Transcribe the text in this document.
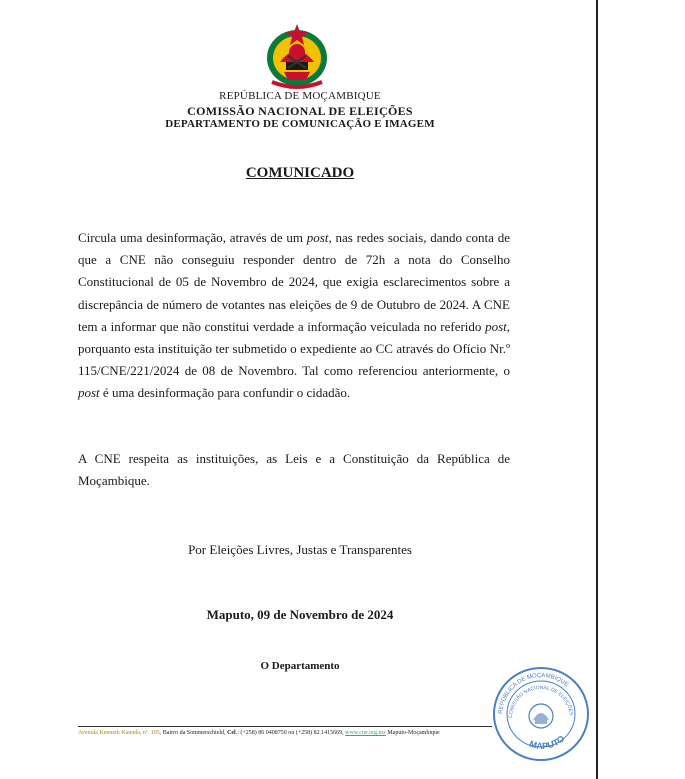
REPÚBLICA DE MOÇAMBIQUE
COMISSÃO NACIONAL DE ELEIÇÕES
DEPARTAMENTO DE COMUNICAÇÃO E IMAGEM
COMUNICADO

Circula uma desinformação, através de um post, nas redes sociais, dando conta de que a CNE não conseguiu responder dentro de 72h a nota do Conselho Constitucional de 05 de Novembro de 2024, que exigia esclarecimentos sobre a discrepância de número de votantes nas eleições de 9 de Outubro de 2024. A CNE tem a informar que não constitui verdade a informação veiculada no referido post, porquanto esta instituição ter submetido o expediente ao CC através do Ofício Nr.º 115/CNE/221/2024 de 08 de Novembro. Tal como referenciou anteriormente, o post é uma desinformação para confundir o cidadão.

A CNE respeita as instituições, as Leis e a Constituição da República de Moçambique.

Por Eleições Livres, Justas e Transparentes
Maputo, 09 de Novembro de 2024
O Departamento
Avenida Kenneth Kaunda, nº. 195, Bairro da Sommerschield, Cel.: (+258) 86 0408750 ou (+258) 82 1415669, www.cne.org.mz Maputo-Moçambique
REPÚBLICA DE MOÇAMBIQUE
COMISSÃO NACIONAL DE ELEIÇÕES
MAPUTO
